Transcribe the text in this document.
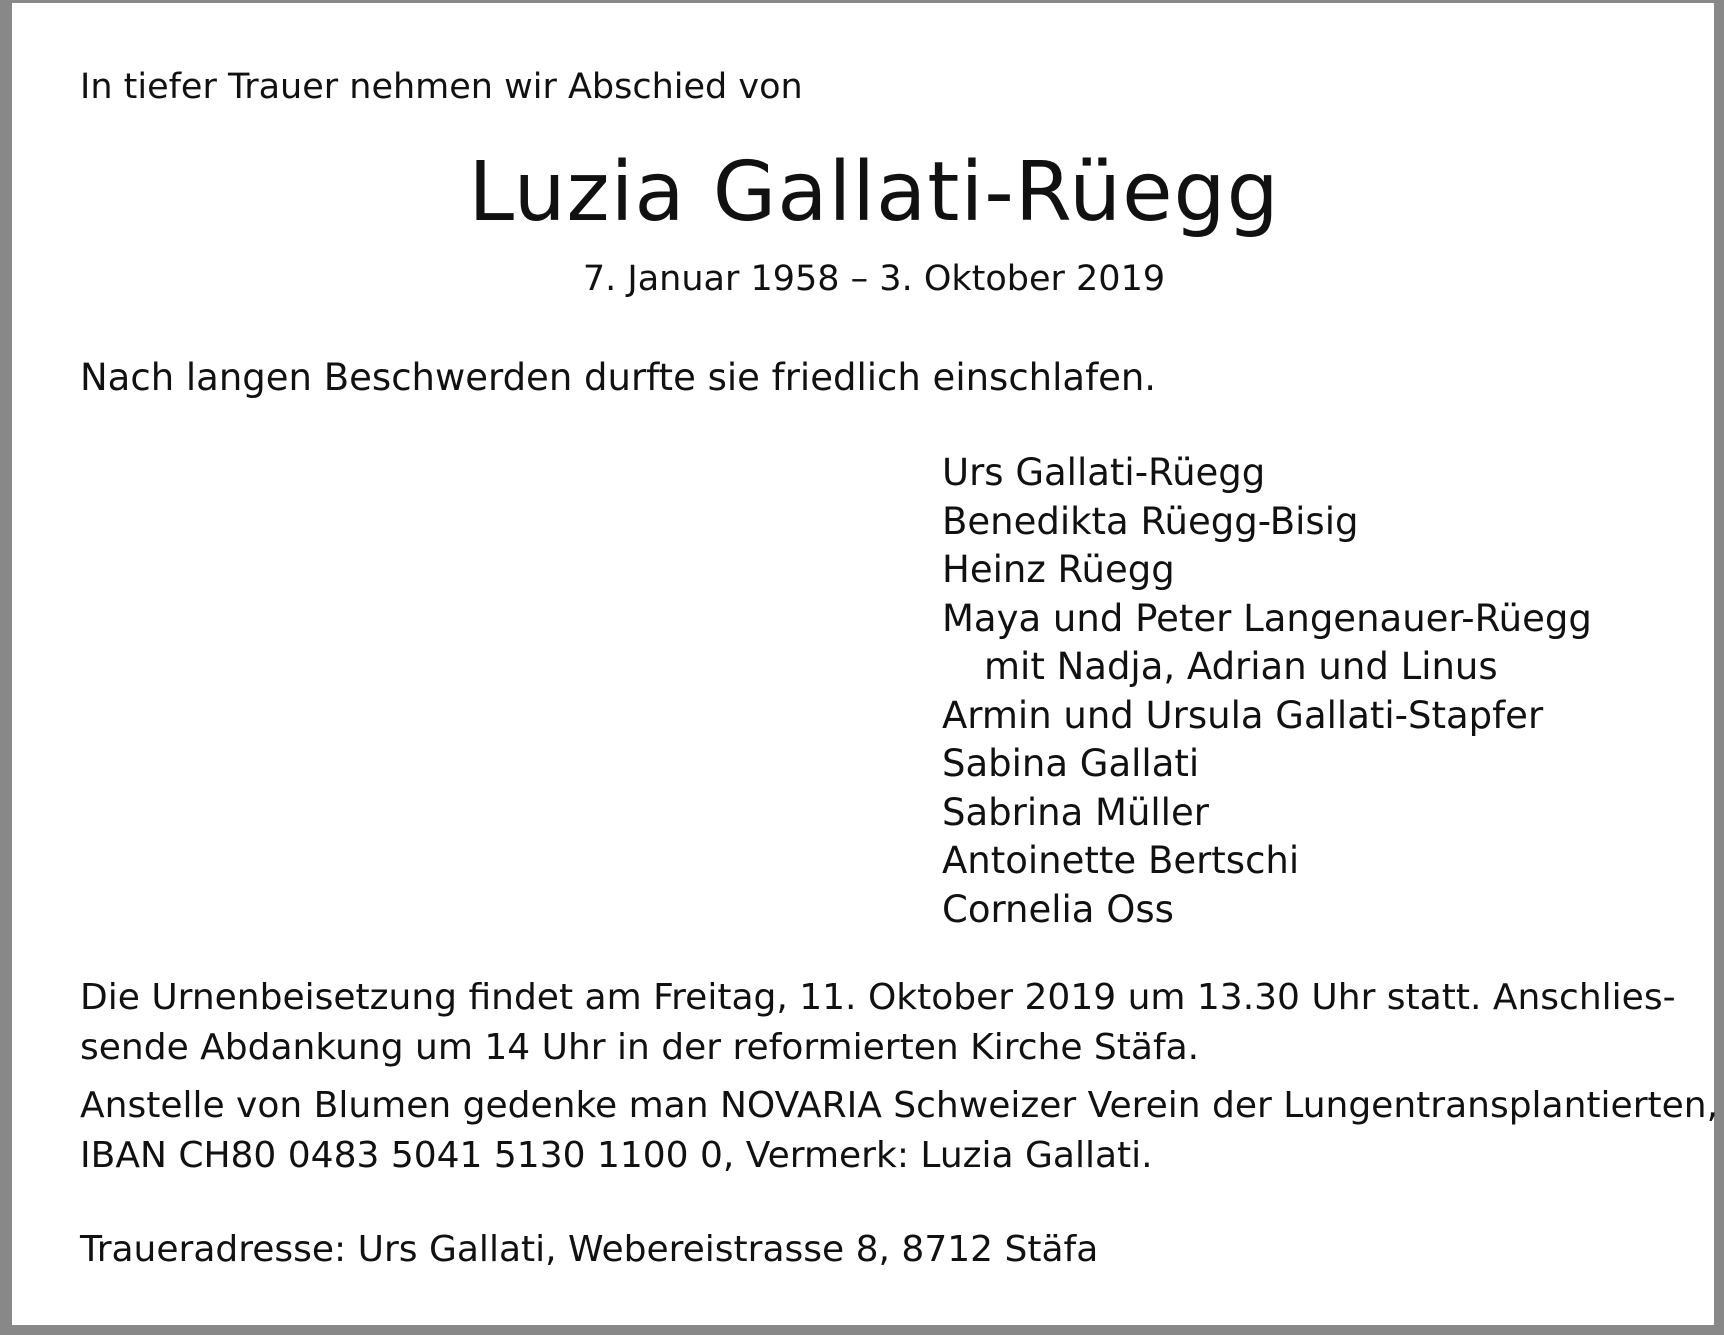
In tiefer Trauer nehmen wir Abschied von
Luzia Gallati-Rüegg
7. Januar 1958 – 3. Oktober 2019
Nach langen Beschwerden durfte sie friedlich einschlafen.
Urs Gallati-Rüegg
Benedikta Rüegg-Bisig
Heinz Rüegg
Maya und Peter Langenauer-Rüegg
mit Nadja, Adrian und Linus
Armin und Ursula Gallati-Stapfer
Sabina Gallati
Sabrina Müller
Antoinette Bertschi
Cornelia Oss
Die Urnenbeisetzung findet am Freitag, 11. Oktober 2019 um 13.30 Uhr statt. Anschlies-
sende Abdankung um 14 Uhr in der reformierten Kirche Stäfa.
Anstelle von Blumen gedenke man NOVARIA Schweizer Verein der Lungentransplantierten,
IBAN CH80 0483 5041 5130 1100 0, Vermerk: Luzia Gallati.
Traueradresse: Urs Gallati, Webereistrasse 8, 8712 Stäfa
